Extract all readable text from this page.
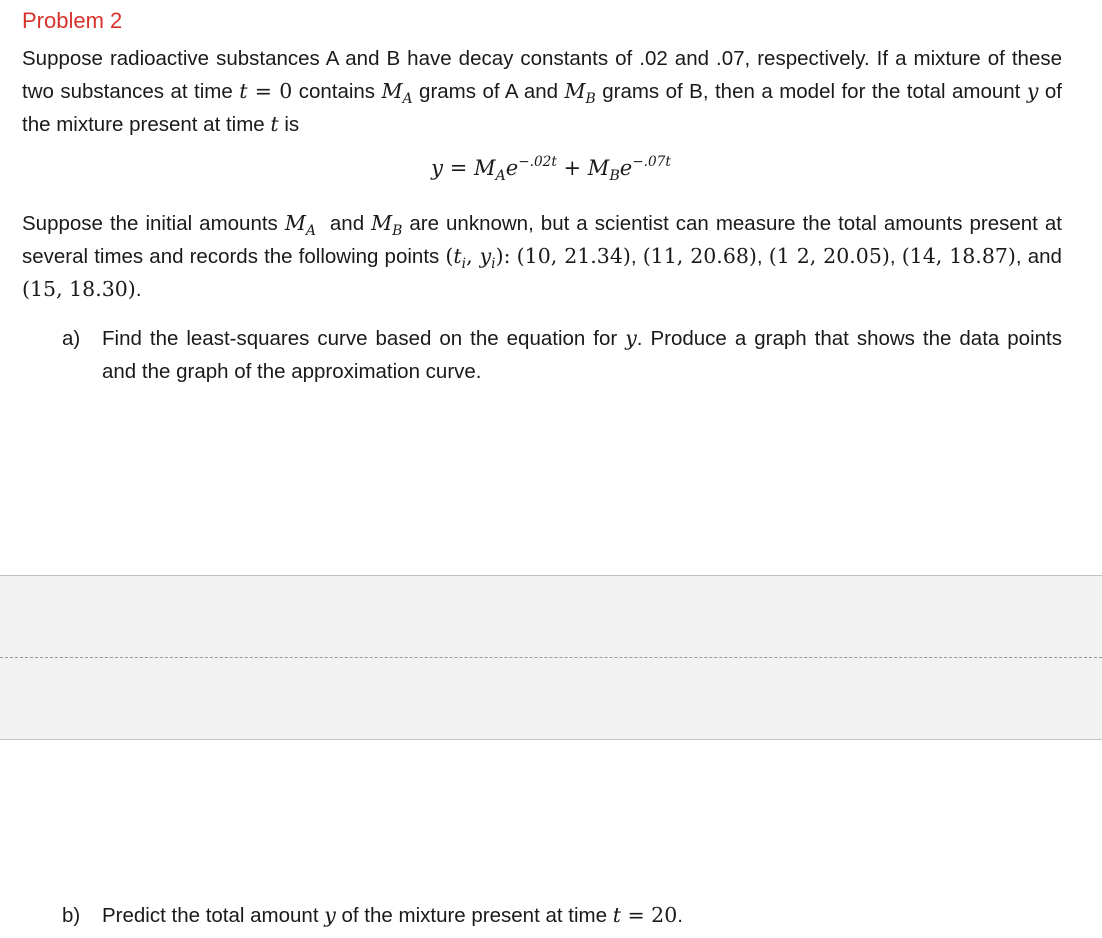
Problem 2
Suppose radioactive substances A and B have decay constants of .02 and .07, respectively. If a mixture of these two substances at time t = 0 contains $M_A$ grams of A and $M_B$ grams of B, then a model for the total amount y of the mixture present at time t is
$y = M_Ae^{-.02t} + M_Be^{-.07t}$
Suppose the initial amounts $M_A$  and $M_B$ are unknown, but a scientist can measure the total amounts present at several times and records the following points ($t_i$, $y_i$): (10, 21.34), (11, 20.68), (1 2, 20.05), (14, 18.87), and (15, 18.30).
a) Find the least-squares curve based on the equation for y. Produce a graph that shows the data points and the graph of the approximation curve.
b) Predict the total amount y of the mixture present at time t = 20.
